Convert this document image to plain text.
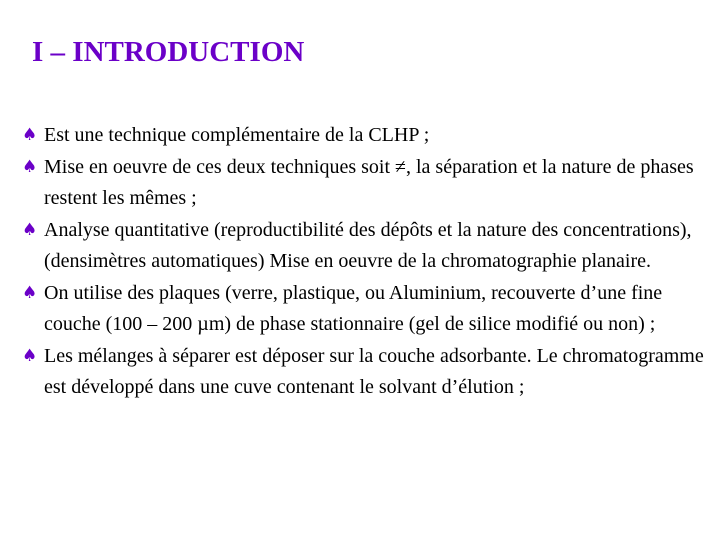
I – INTRODUCTION
♠ Est une technique complémentaire de la CLHP ;
♠ Mise en oeuvre de ces deux techniques soit ≠, la séparation et la nature de phases restent les mêmes ;
♠ Analyse quantitative (reproductibilité des dépôts et la nature des concentrations), (densimètres automatiques) Mise en oeuvre de la chromatographie planaire.
♠ On utilise des plaques (verre, plastique, ou Aluminium, recouverte d’une fine couche (100 – 200 µm) de phase stationnaire (gel de silice modifié ou non) ;
♠ Les mélanges à séparer est déposer sur la couche adsorbante. Le chromatogramme est développé dans une cuve contenant le solvant d’élution ;
